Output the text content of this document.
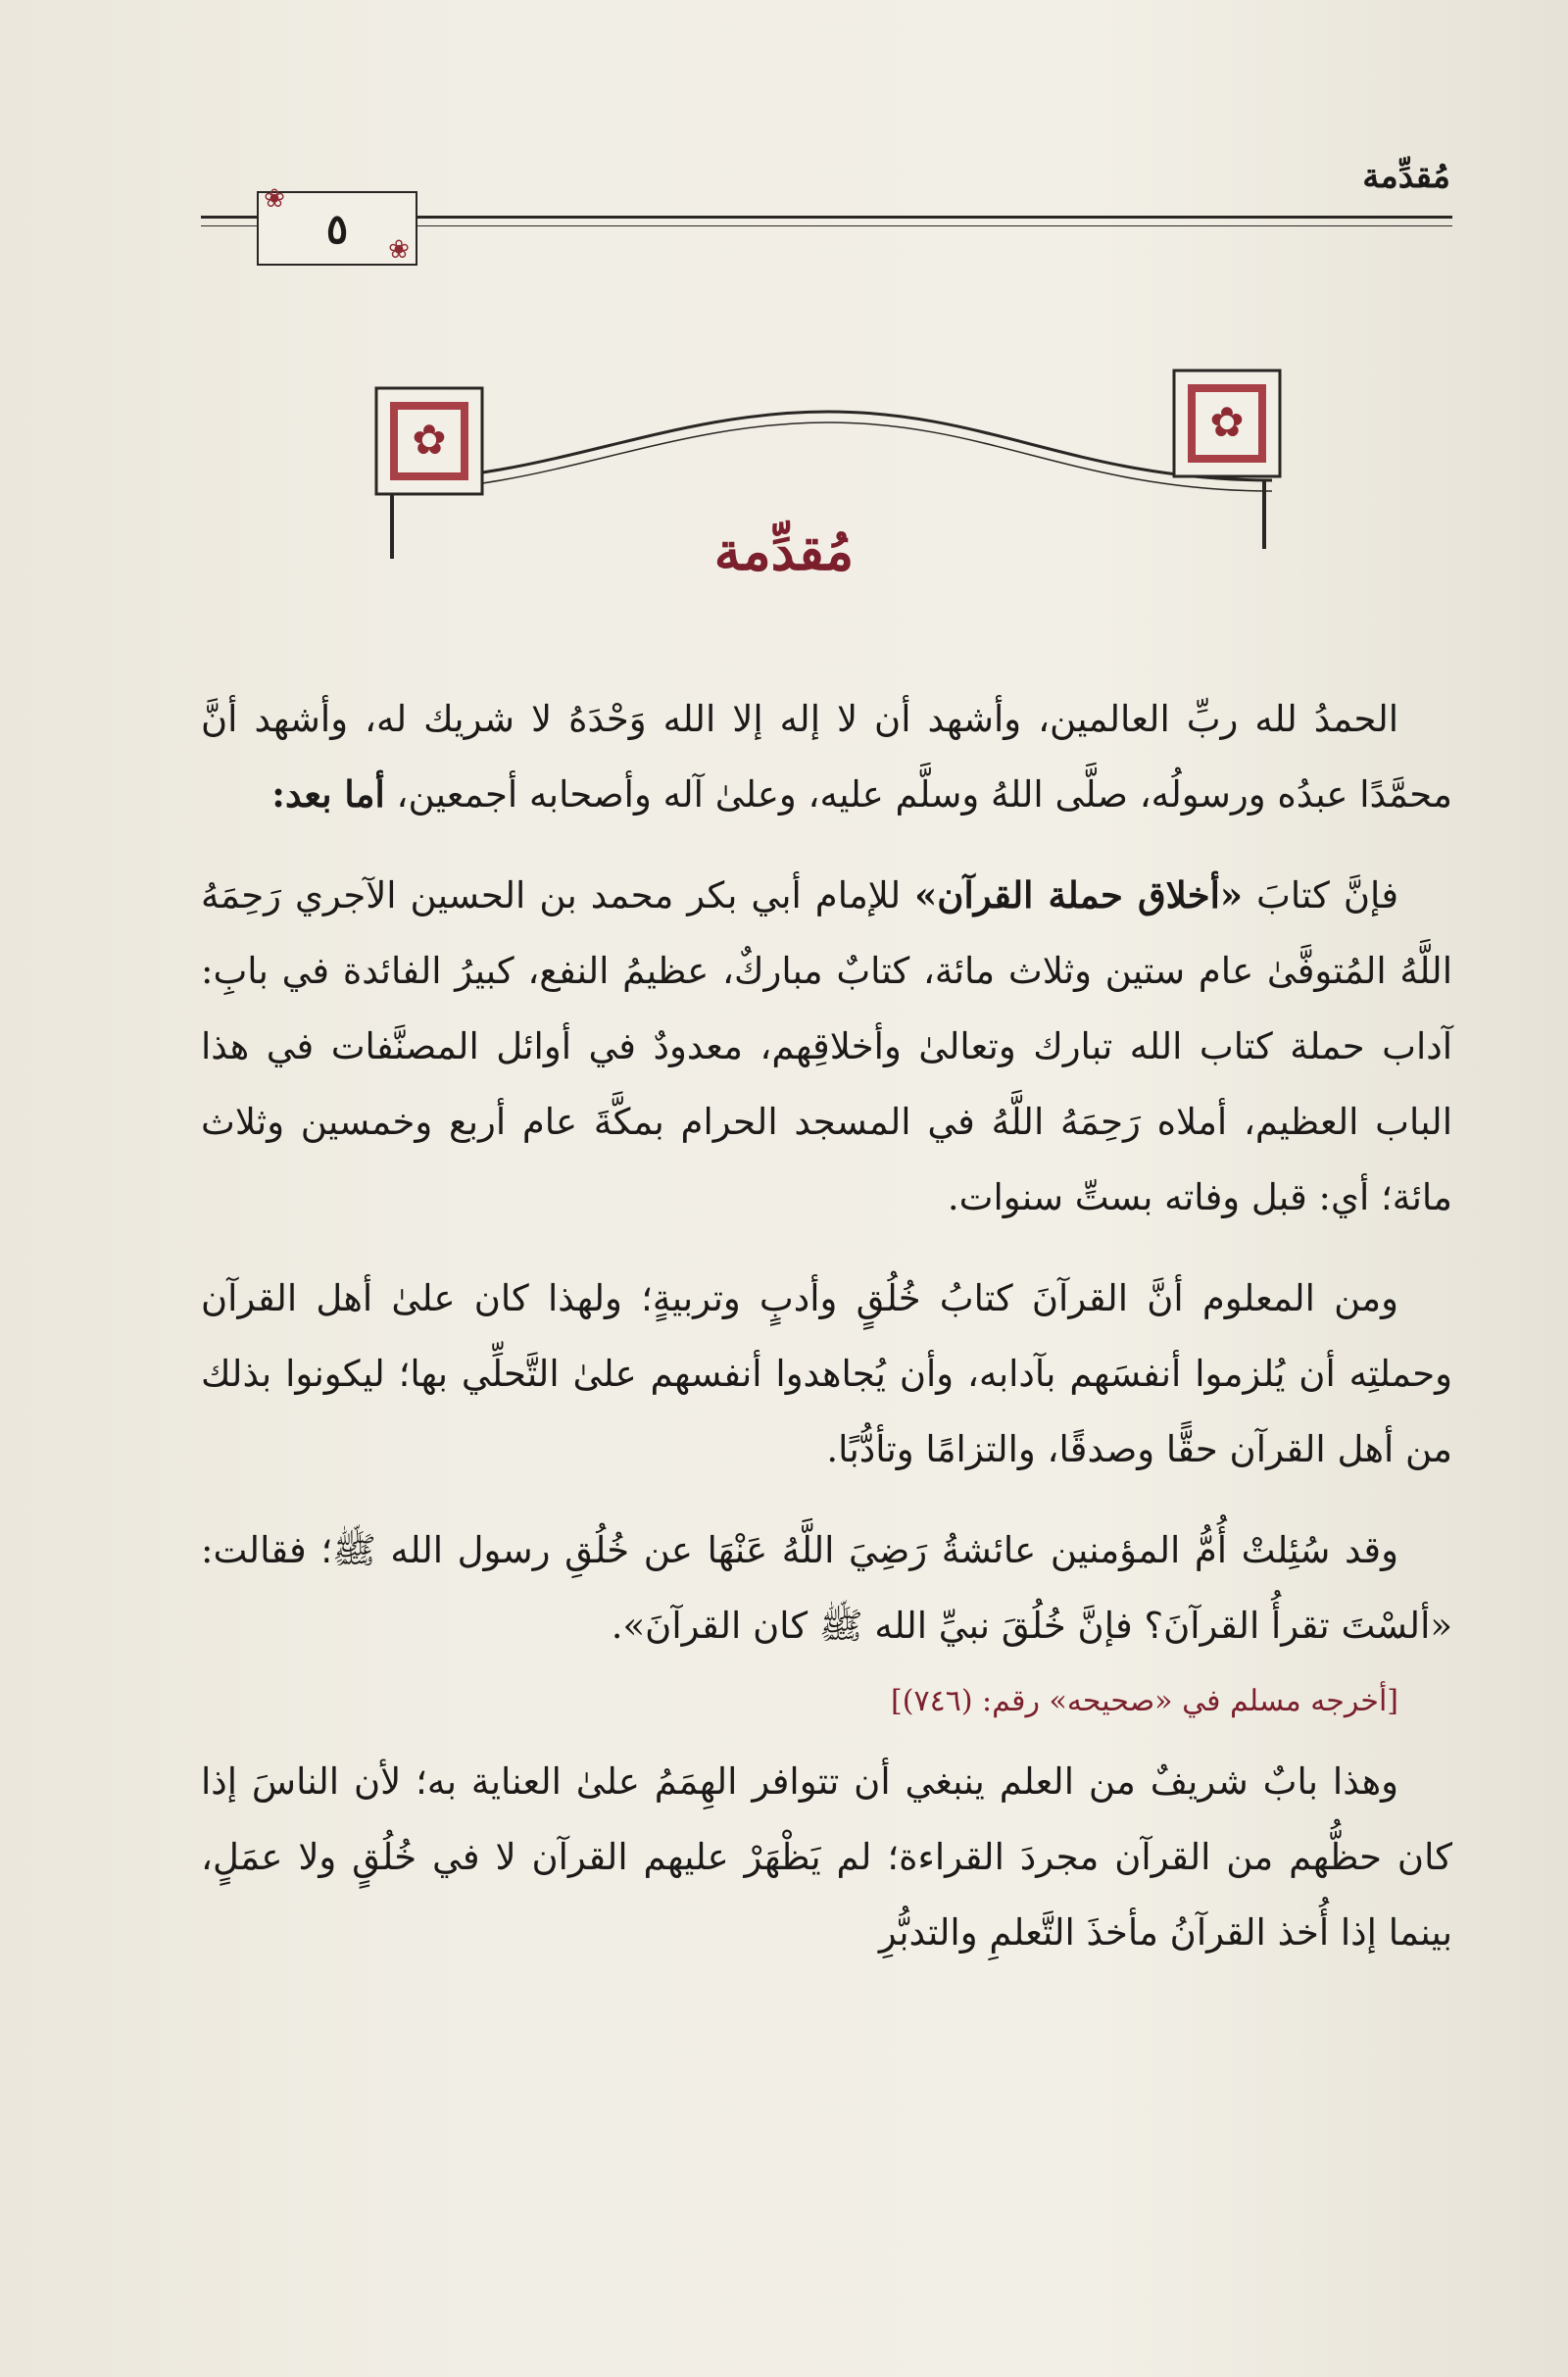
مُقدِّمة
٥
❀
❀
✿	✿
مُقدِّمة

الحمدُ لله ربِّ العالمين، وأشهد أن لا إله إلا الله وَحْدَهُ لا شريك له، وأشهد أنَّ محمَّدًا عبدُه ورسولُه، صلَّى اللهُ وسلَّم عليه، وعلىٰ آله وأصحابه أجمعين، أما بعد:

فإنَّ كتابَ «أخلاق حملة القرآن» للإمام أبي بكر محمد بن الحسين الآجري رَحِمَهُ اللَّهُ المُتوفَّىٰ عام ستين وثلاث مائة، كتابٌ مباركٌ، عظيمُ النفع، كبيرُ الفائدة في بابِ: آداب حملة كتاب الله تبارك وتعالىٰ وأخلاقِهم، معدودٌ في أوائل المصنَّفات في هذا الباب العظيم، أملاه رَحِمَهُ اللَّهُ في المسجد الحرام بمكَّةَ عام أربع وخمسين وثلاث مائة؛ أي: قبل وفاته بستِّ سنوات.

ومن المعلوم أنَّ القرآنَ كتابُ خُلُقٍ وأدبٍ وتربيةٍ؛ ولهذا كان علىٰ أهل القرآن وحملتِه أن يُلزموا أنفسَهم بآدابه، وأن يُجاهدوا أنفسهم علىٰ التَّحلِّي بها؛ ليكونوا بذلك من أهل القرآن حقًّا وصدقًا، والتزامًا وتأدُّبًا.

وقد سُئِلتْ أُمُّ المؤمنين عائشةُ رَضِيَ اللَّهُ عَنْهَا عن خُلُقِ رسول الله ﷺ؛ فقالت: «ألسْتَ تقرأُ القرآنَ؟ فإنَّ خُلُقَ نبيِّ الله ﷺ كان القرآنَ».

[أخرجه مسلم في «صحيحه» رقم: (٧٤٦)]

وهذا بابٌ شريفٌ من العلم ينبغي أن تتوافر الهِمَمُ علىٰ العناية به؛ لأن الناسَ إذا كان حظُّهم من القرآن مجردَ القراءة؛ لم يَظْهَرْ عليهم القرآن لا في خُلُقٍ ولا عمَلٍ، بينما إذا أُخذ القرآنُ مأخذَ التَّعلمِ والتدبُّرِ
